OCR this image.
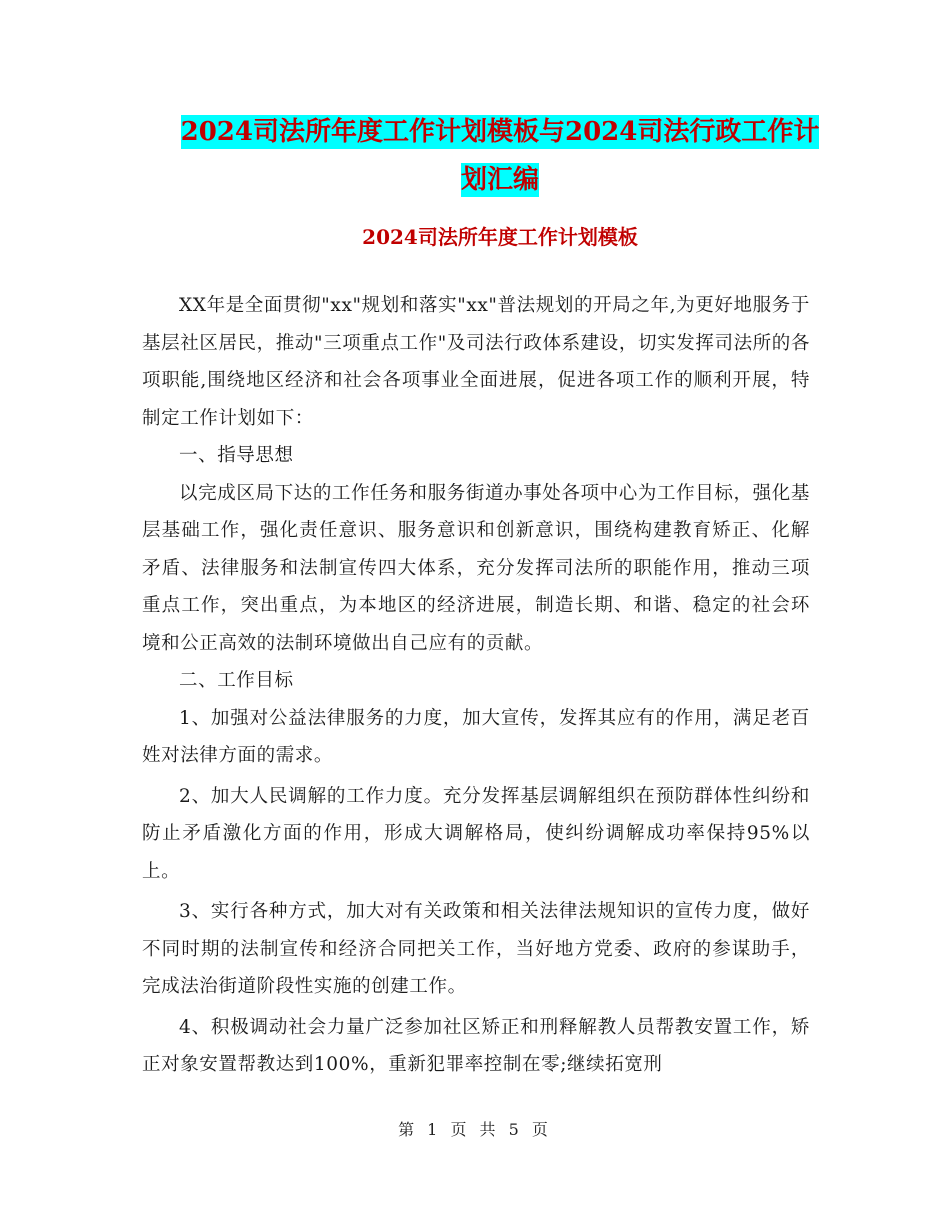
2024司法所年度工作计划模板与2024司法行政工作计
划汇编
2024司法所年度工作计划模板

XX年是全面贯彻"xx"规划和落实"xx"普法规划的开局之年,为更好地服务于基层社区居民，推动"三项重点工作"及司法行政体系建设，切实发挥司法所的各项职能,围绕地区经济和社会各项事业全面进展，促进各项工作的顺利开展，特制定工作计划如下：

一、指导思想

以完成区局下达的工作任务和服务街道办事处各项中心为工作目标，强化基层基础工作，强化责任意识、服务意识和创新意识，围绕构建教育矫正、化解矛盾、法律服务和法制宣传四大体系，充分发挥司法所的职能作用，推动三项重点工作，突出重点，为本地区的经济进展，制造长期、和谐、稳定的社会环境和公正高效的法制环境做出自己应有的贡献。

二、工作目标

1、加强对公益法律服务的力度，加大宣传，发挥其应有的作用，满足老百姓对法律方面的需求。

2、加大人民调解的工作力度。充分发挥基层调解组织在预防群体性纠纷和防止矛盾激化方面的作用，形成大调解格局，使纠纷调解成功率保持95%以上。

3、实行各种方式，加大对有关政策和相关法律法规知识的宣传力度，做好不同时期的法制宣传和经济合同把关工作，当好地方党委、政府的参谋助手，完成法治街道阶段性实施的创建工作。

4、积极调动社会力量广泛参加社区矫正和刑释解教人员帮教安置工作，矫正对象安置帮教达到100%，重新犯罪率控制在零;继续拓宽刑

第 1 页 共 5 页
